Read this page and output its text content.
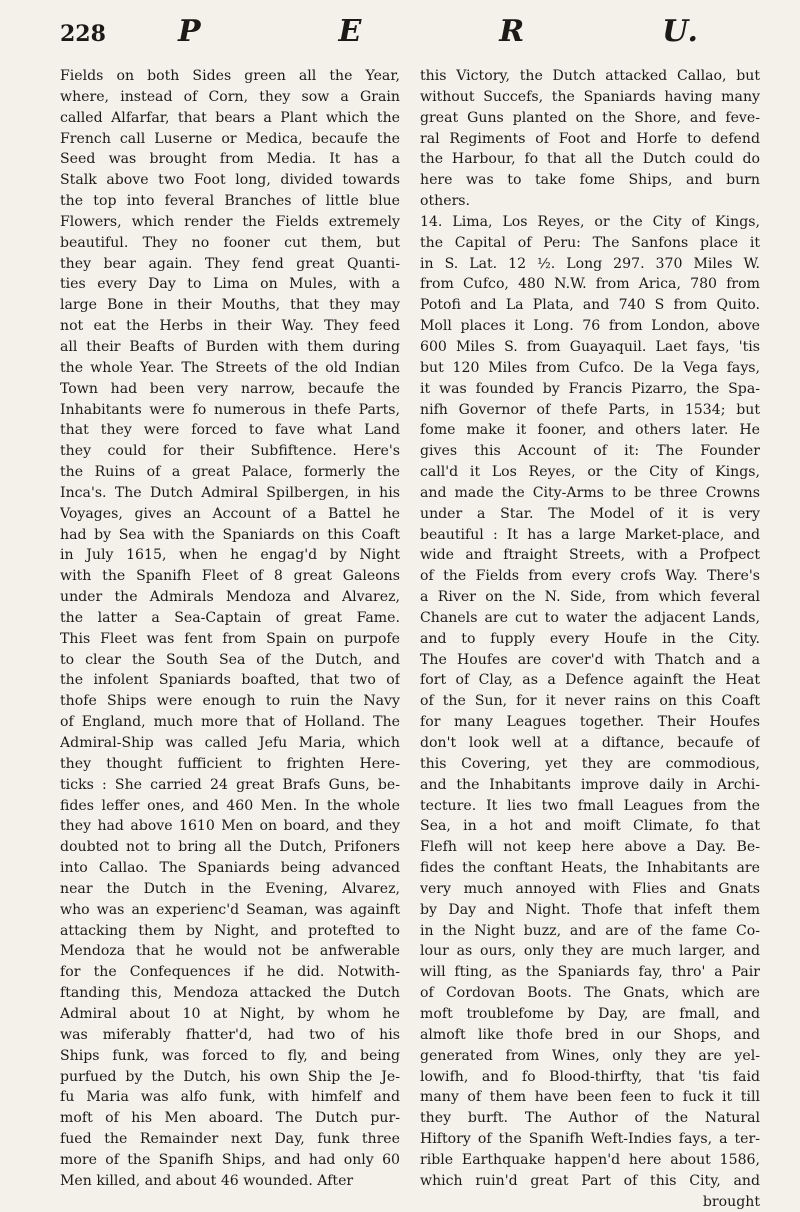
228	P	E	R	U.

Fields on both Sides green all the Year,

where, instead of Corn, they sow a Grain

called Alfarfar, that bears a Plant which the

French call Luserne or Medica, becaufe the

Seed was brought from Media. It has a

Stalk above two Foot long, divided towards

the top into feveral Branches of little blue

Flowers, which render the Fields extremely

beautiful. They no fooner cut them, but

they bear again. They fend great Quanti-

ties every Day to Lima on Mules, with a

large Bone in their Mouths, that they may

not eat the Herbs in their Way. They feed

all their Beafts of Burden with them during

the whole Year. The Streets of the old Indian

Town had been very narrow, becaufe the

Inhabitants were fo numerous in thefe Parts,

that they were forced to fave what Land

they could for their Subfiftence. Here's

the Ruins of a great Palace, formerly the

Inca's. The Dutch Admiral Spilbergen, in his

Voyages, gives an Account of a Battel he

had by Sea with the Spaniards on this Coaft

in July 1615, when he engag'd by Night

with the Spanifh Fleet of 8 great Galeons

under the Admirals Mendoza and Alvarez,

the latter a Sea-Captain of great Fame.

This Fleet was fent from Spain on purpofe

to clear the South Sea of the Dutch, and

the infolent Spaniards boafted, that two of

thofe Ships were enough to ruin the Navy

of England, much more that of Holland. The

Admiral-Ship was called Jefu Maria, which

they thought fufficient to frighten Here-

ticks : She carried 24 great Brafs Guns, be-

fides leffer ones, and 460 Men. In the whole

they had above 1610 Men on board, and they

doubted not to bring all the Dutch, Prifoners

into Callao. The Spaniards being advanced

near the Dutch in the Evening, Alvarez,

who was an experienc'd Seaman, was againft

attacking them by Night, and protefted to

Mendoza that he would not be anfwerable

for the Confequences if he did. Notwith-

ftanding this, Mendoza attacked the Dutch

Admiral about 10 at Night, by whom he

was miferably fhatter'd, had two of his

Ships funk, was forced to fly, and being

purfued by the Dutch, his own Ship the Je-

fu Maria was alfo funk, with himfelf and

moft of his Men aboard. The Dutch pur-

fued the Remainder next Day, funk three

more of the Spanifh Ships, and had only 60

Men killed, and about 46 wounded. After

this Victory, the Dutch attacked Callao, but

without Succefs, the Spaniards having many

great Guns planted on the Shore, and feve-

ral Regiments of Foot and Horfe to defend

the Harbour, fo that all the Dutch could do

here was to take fome Ships, and burn

others.

14. Lima, Los Reyes, or the City of Kings,

the Capital of Peru: The Sanfons place it

in S. Lat. 12 ½. Long 297. 370 Miles W.

from Cufco, 480 N.W. from Arica, 780 from

Potofi and La Plata, and 740 S from Quito.

Moll places it Long. 76 from London, above

600 Miles S. from Guayaquil. Laet fays, 'tis

but 120 Miles from Cufco. De la Vega fays,

it was founded by Francis Pizarro, the Spa-

nifh Governor of thefe Parts, in 1534; but

fome make it fooner, and others later. He

gives this Account of it: The Founder

call'd it Los Reyes, or the City of Kings,

and made the City-Arms to be three Crowns

under a Star. The Model of it is very

beautiful : It has a large Market-place, and

wide and ftraight Streets, with a Profpect

of the Fields from every crofs Way. There's

a River on the N. Side, from which feveral

Chanels are cut to water the adjacent Lands,

and to fupply every Houfe in the City.

The Houfes are cover'd with Thatch and a

fort of Clay, as a Defence againft the Heat

of the Sun, for it never rains on this Coaft

for many Leagues together. Their Houfes

don't look well at a diftance, becaufe of

this Covering, yet they are commodious,

and the Inhabitants improve daily in Archi-

tecture. It lies two fmall Leagues from the

Sea, in a hot and moift Climate, fo that

Flefh will not keep here above a Day. Be-

fides the conftant Heats, the Inhabitants are

very much annoyed with Flies and Gnats

by Day and Night. Thofe that infeft them

in the Night buzz, and are of the fame Co-

lour as ours, only they are much larger, and

will fting, as the Spaniards fay, thro' a Pair

of Cordovan Boots. The Gnats, which are

moft troublefome by Day, are fmall, and

almoft like thofe bred in our Shops, and

generated from Wines, only they are yel-

lowifh, and fo Blood-thirfty, that 'tis faid

many of them have been feen to fuck it till

they burft. The Author of the Natural

Hiftory of the Spanifh Weft-Indies fays, a ter-

rible Earthquake happen'd here about 1586,

which ruin'd great Part of this City, and

brought
